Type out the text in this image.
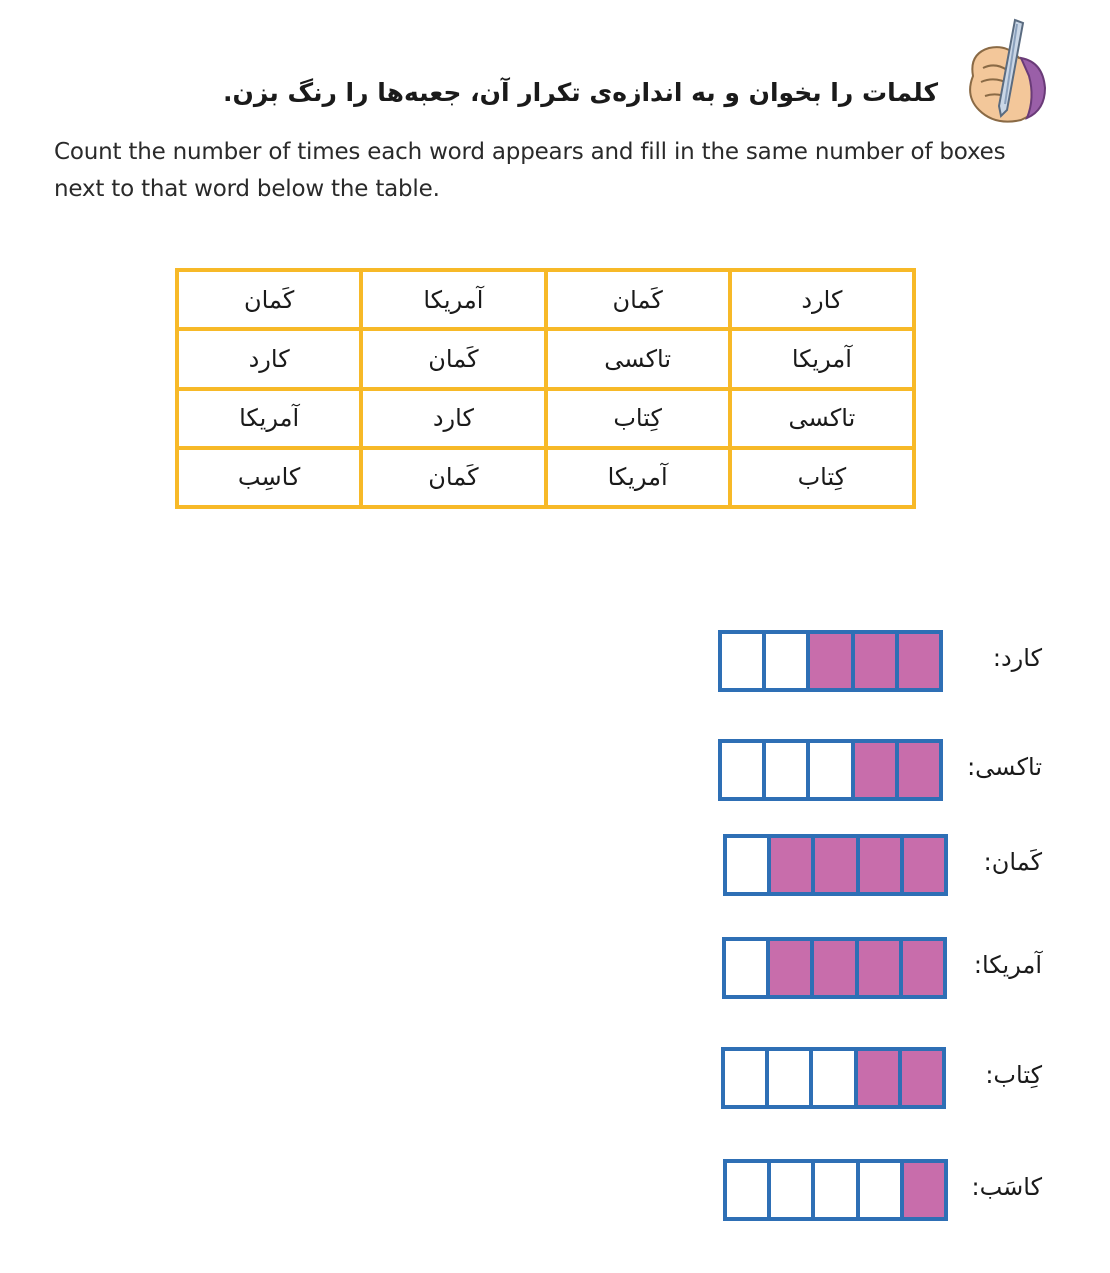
کلمات را بخوان و به اندازه‌ی تکرار آن، جعبه‌ها را رنگ بزن.
Count the number of times each word appears and fill in the same number of boxes next to that word below the table.
کارد	کَمان	آمریکا	کَمان
آمریکا	تاکسی	کَمان	کارد
تاکسی	کِتاب	کارد	آمریکا
کِتاب	آمریکا	کَمان	کاسِب
کارد:
تاکسی:
کَمان:
آمریکا:
کِتاب:
کاسَب:
